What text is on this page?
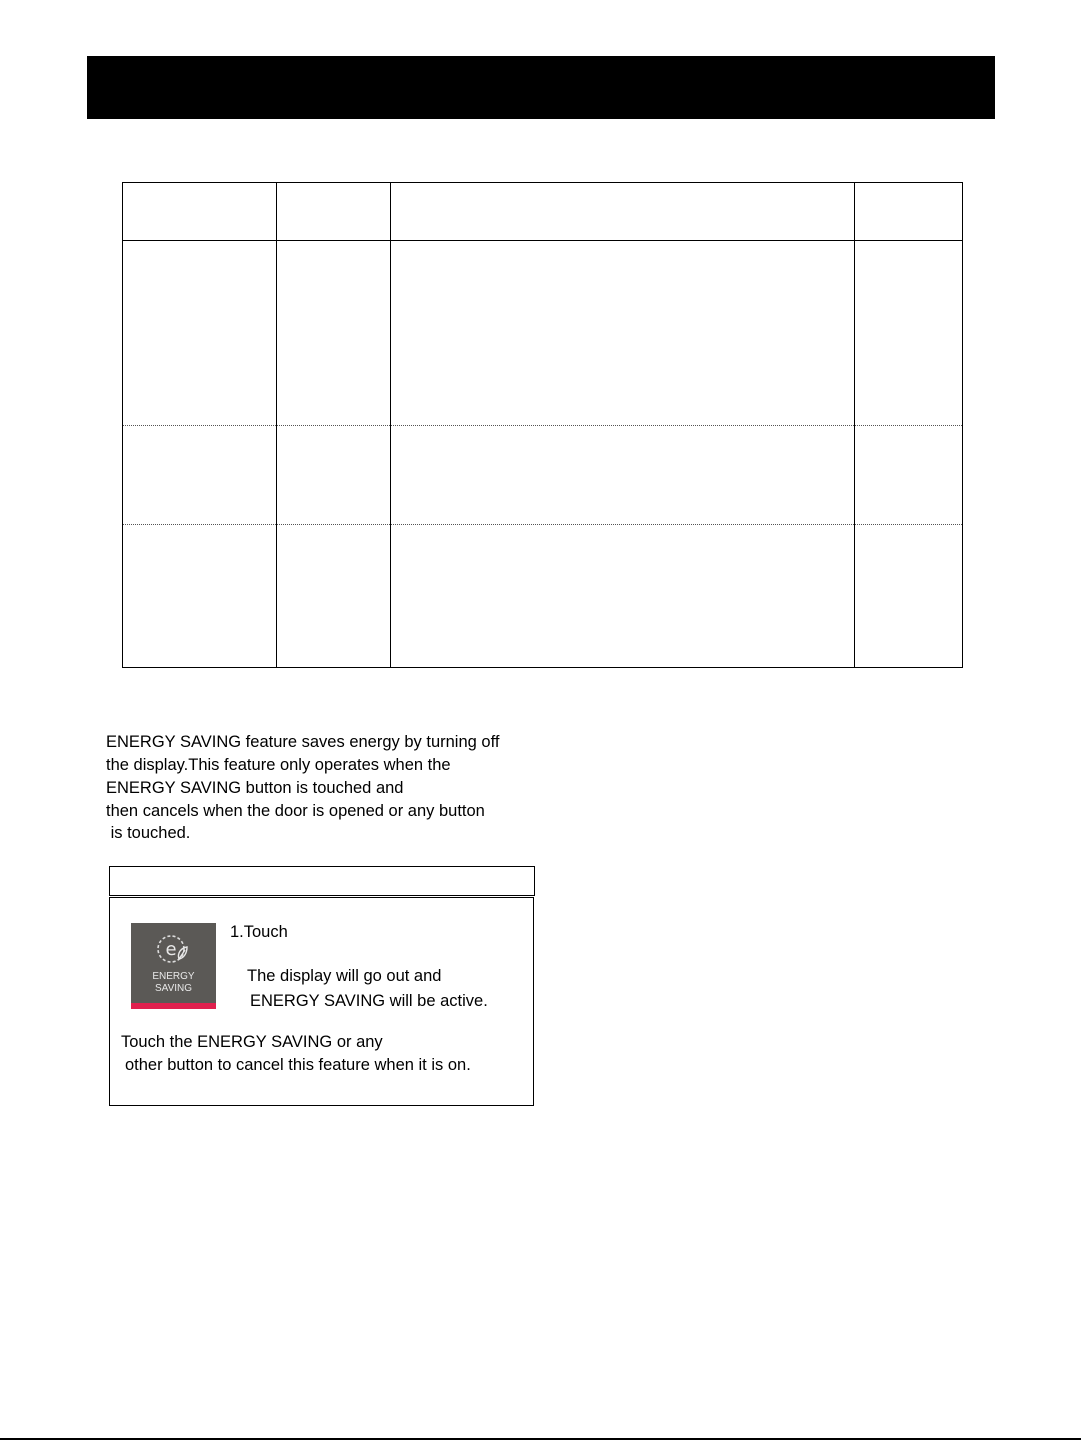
ENERGY SAVING feature saves energy by turning off
the display.This feature only operates when the
ENERGY SAVING button is touched and
then cancels when the door is opened or any button
is touched.
e
ENERGY
SAVING
1.Touch
The display will go out and
ENERGY SAVING will be active.
Touch the ENERGY SAVING or any
other button to cancel this feature when it is on.
